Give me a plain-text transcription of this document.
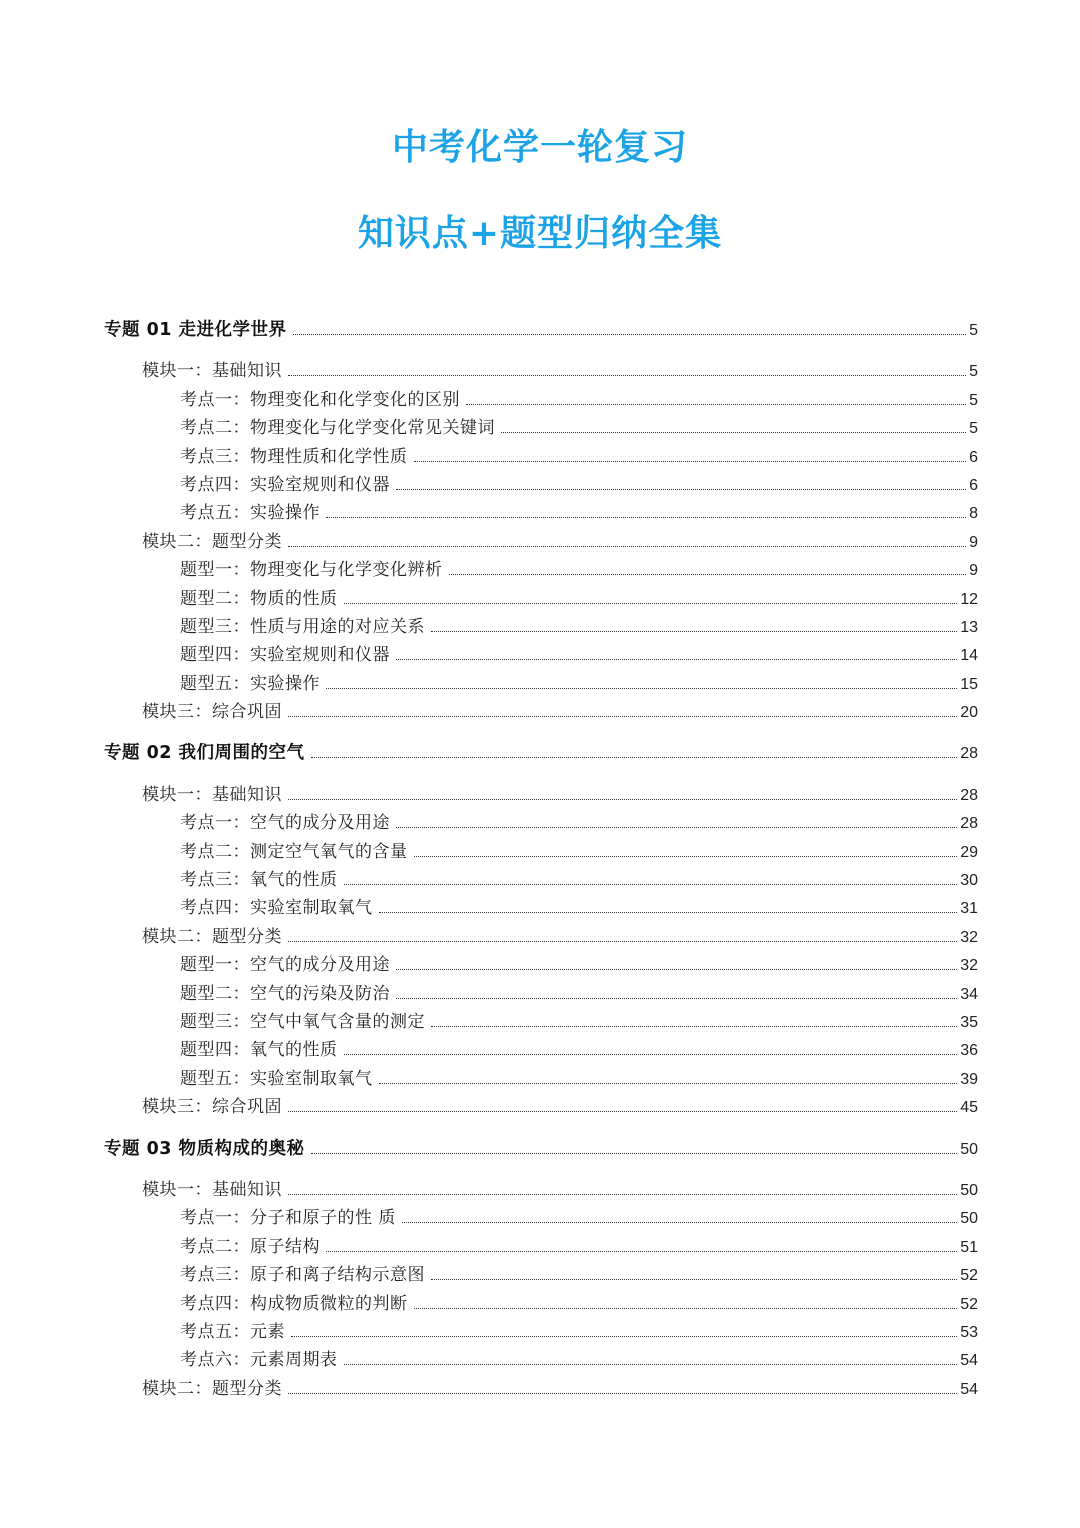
中考化学一轮复习
知识点+题型归纳全集
专题 01 走进化学世界	5
模块一：基础知识	5
考点一：物理变化和化学变化的区别	5
考点二：物理变化与化学变化常见关键词	5
考点三：物理性质和化学性质	6
考点四：实验室规则和仪器	6
考点五：实验操作	8
模块二：题型分类	9
题型一：物理变化与化学变化辨析	9
题型二：物质的性质	12
题型三：性质与用途的对应关系	13
题型四：实验室规则和仪器	14
题型五：实验操作	15
模块三：综合巩固	20
专题 02 我们周围的空气	28
模块一：基础知识	28
考点一：空气的成分及用途	28
考点二：测定空气氧气的含量	29
考点三：氧气的性质	30
考点四：实验室制取氧气	31
模块二：题型分类	32
题型一：空气的成分及用途	32
题型二：空气的污染及防治	34
题型三：空气中氧气含量的测定	35
题型四：氧气的性质	36
题型五：实验室制取氧气	39
模块三：综合巩固	45
专题 03 物质构成的奥秘	50
模块一：基础知识	50
考点一：分子和原子的性 质	50
考点二：原子结构	51
考点三：原子和离子结构示意图	52
考点四：构成物质微粒的判断	52
考点五：元素	53
考点六：元素周期表	54
模块二：题型分类	54
